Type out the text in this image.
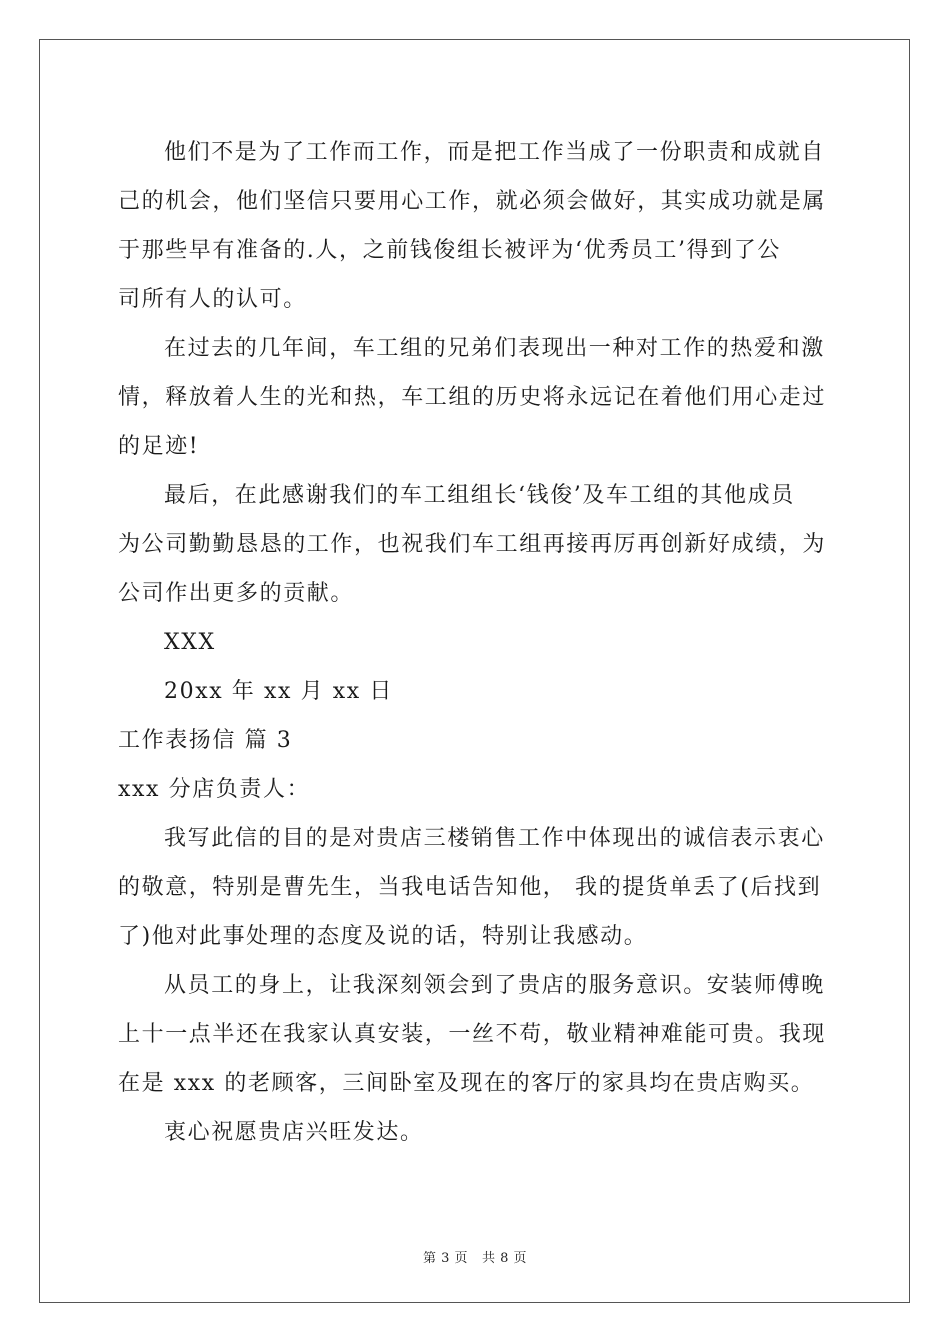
他们不是为了工作而工作，而是把工作当成了一份职责和成就自

己的机会，他们坚信只要用心工作，就必须会做好，其实成功就是属

于那些早有准备的.人，之前钱俊组长被评为‘优秀员工’得到了公

司所有人的认可。

在过去的几年间，车工组的兄弟们表现出一种对工作的热爱和激

情，释放着人生的光和热，车工组的历史将永远记在着他们用心走过

的足迹!

最后，在此感谢我们的车工组组长‘钱俊’及车工组的其他成员

为公司勤勤恳恳的工作，也祝我们车工组再接再厉再创新好成绩，为

公司作出更多的贡献。

XXX

20xx 年 xx 月 xx 日

工作表扬信 篇 3

xxx 分店负责人：

我写此信的目的是对贵店三楼销售工作中体现出的诚信表示衷心

的敬意，特别是曹先生，当我电话告知他， 我的提货单丢了(后找到

了)他对此事处理的态度及说的话，特别让我感动。

从员工的身上，让我深刻领会到了贵店的服务意识。安装师傅晚

上十一点半还在我家认真安装，一丝不苟，敬业精神难能可贵。我现

在是 xxx 的老顾客，三间卧室及现在的客厅的家具均在贵店购买。

衷心祝愿贵店兴旺发达。

第 3 页 共 8 页
